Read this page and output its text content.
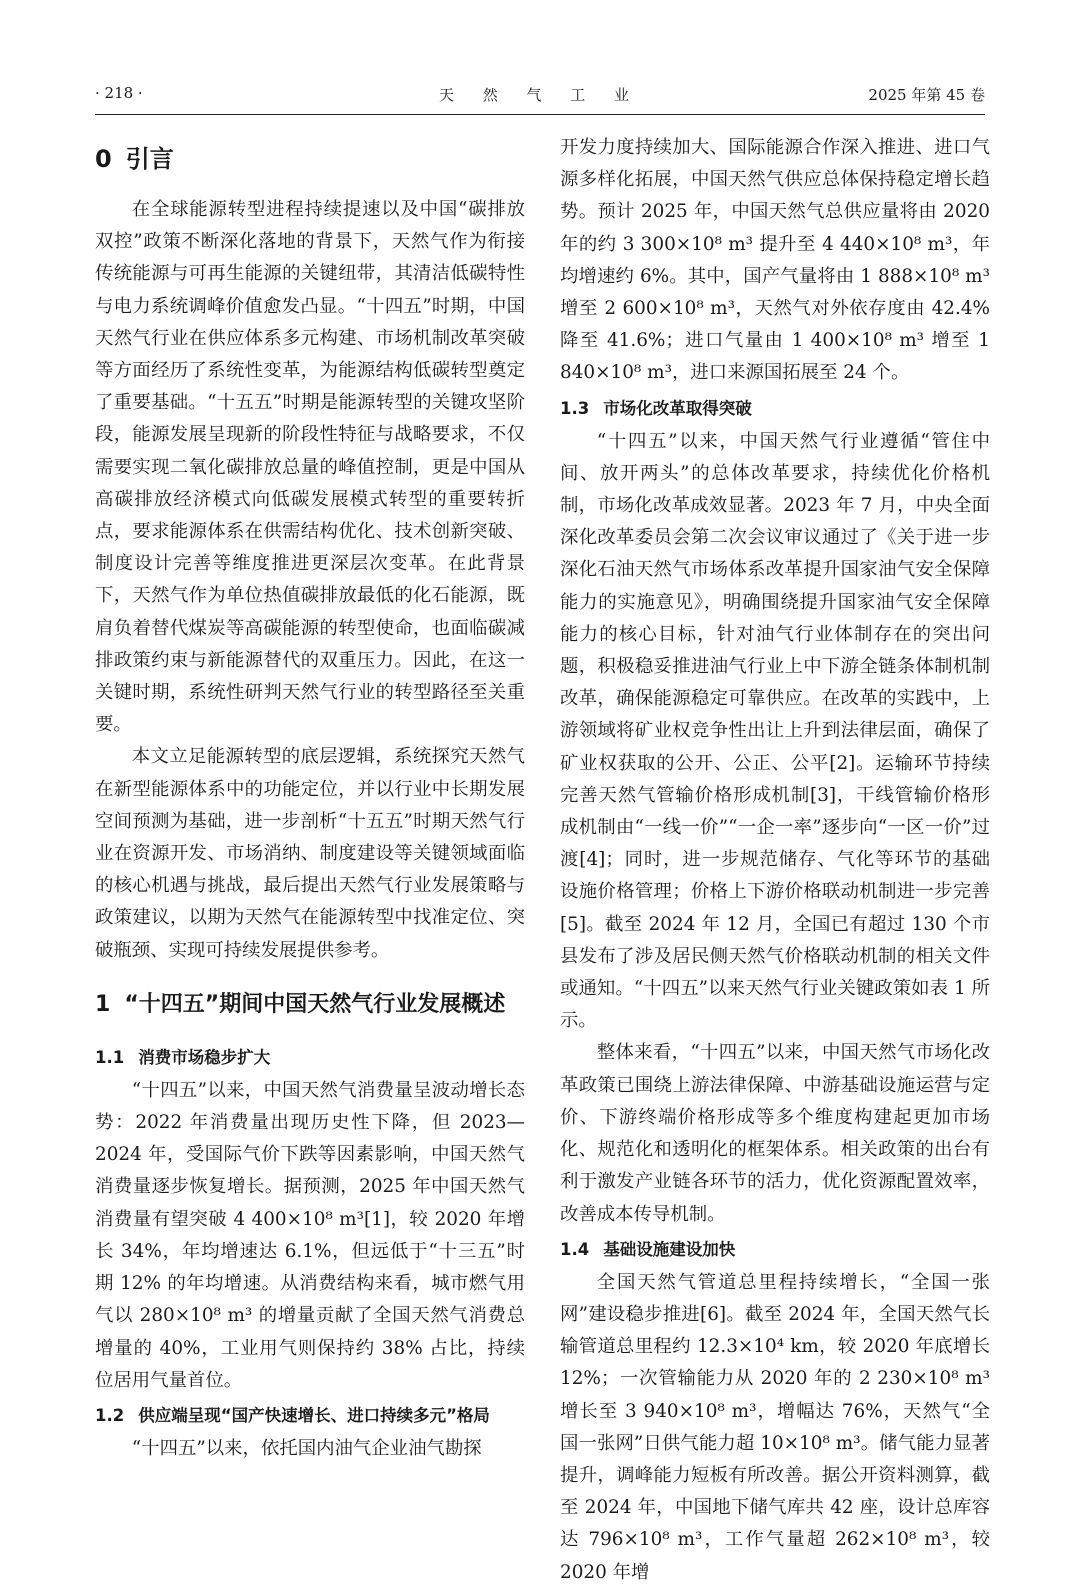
· 218 ·	天 然 气 工 业	2025 年第 45 卷
0 引言

在全球能源转型进程持续提速以及中国“碳排放双控”政策不断深化落地的背景下，天然气作为衔接传统能源与可再生能源的关键纽带，其清洁低碳特性与电力系统调峰价值愈发凸显。“十四五”时期，中国天然气行业在供应体系多元构建、市场机制改革突破等方面经历了系统性变革，为能源结构低碳转型奠定了重要基础。“十五五”时期是能源转型的关键攻坚阶段，能源发展呈现新的阶段性特征与战略要求，不仅需要实现二氧化碳排放总量的峰值控制，更是中国从高碳排放经济模式向低碳发展模式转型的重要转折点，要求能源体系在供需结构优化、技术创新突破、制度设计完善等维度推进更深层次变革。在此背景下，天然气作为单位热值碳排放最低的化石能源，既肩负着替代煤炭等高碳能源的转型使命，也面临碳减排政策约束与新能源替代的双重压力。因此，在这一关键时期，系统性研判天然气行业的转型路径至关重要。

本文立足能源转型的底层逻辑，系统探究天然气在新型能源体系中的功能定位，并以行业中长期发展空间预测为基础，进一步剖析“十五五”时期天然气行业在资源开发、市场消纳、制度建设等关键领域面临的核心机遇与挑战，最后提出天然气行业发展策略与政策建议，以期为天然气在能源转型中找准定位、突破瓶颈、实现可持续发展提供参考。

1 “十四五”期间中国天然气行业发展概述
1.1 消费市场稳步扩大

“十四五”以来，中国天然气消费量呈波动增长态势：2022 年消费量出现历史性下降，但 2023—2024 年，受国际气价下跌等因素影响，中国天然气消费量逐步恢复增长。据预测，2025 年中国天然气消费量有望突破 4 400×10⁸ m³[1]，较 2020 年增长 34%，年均增速达 6.1%，但远低于“十三五”时期 12% 的年均增速。从消费结构来看，城市燃气用气以 280×10⁸ m³ 的增量贡献了全国天然气消费总增量的 40%，工业用气则保持约 38% 占比，持续位居用气量首位。

1.2 供应端呈现“国产快速增长、进口持续多元”格局

“十四五”以来，依托国内油气企业油气勘探

开发力度持续加大、国际能源合作深入推进、进口气源多样化拓展，中国天然气供应总体保持稳定增长趋势。预计 2025 年，中国天然气总供应量将由 2020 年的约 3 300×10⁸ m³ 提升至 4 440×10⁸ m³，年均增速约 6%。其中，国产气量将由 1 888×10⁸ m³ 增至 2 600×10⁸ m³，天然气对外依存度由 42.4% 降至 41.6%；进口气量由 1 400×10⁸ m³ 增至 1 840×10⁸ m³，进口来源国拓展至 24 个。

1.3 市场化改革取得突破

“十四五”以来，中国天然气行业遵循“管住中间、放开两头”的总体改革要求，持续优化价格机制，市场化改革成效显著。2023 年 7 月，中央全面深化改革委员会第二次会议审议通过了《关于进一步深化石油天然气市场体系改革提升国家油气安全保障能力的实施意见》，明确围绕提升国家油气安全保障能力的核心目标，针对油气行业体制存在的突出问题，积极稳妥推进油气行业上中下游全链条体制机制改革，确保能源稳定可靠供应。在改革的实践中，上游领域将矿业权竞争性出让上升到法律层面，确保了矿业权获取的公开、公正、公平[2]。运输环节持续完善天然气管输价格形成机制[3]，干线管输价格形成机制由“一线一价”“一企一率”逐步向“一区一价”过渡[4]；同时，进一步规范储存、气化等环节的基础设施价格管理；价格上下游价格联动机制进一步完善[5]。截至 2024 年 12 月，全国已有超过 130 个市县发布了涉及居民侧天然气价格联动机制的相关文件或通知。“十四五”以来天然气行业关键政策如表 1 所示。

整体来看，“十四五”以来，中国天然气市场化改革政策已围绕上游法律保障、中游基础设施运营与定价、下游终端价格形成等多个维度构建起更加市场化、规范化和透明化的框架体系。相关政策的出台有利于激发产业链各环节的活力，优化资源配置效率，改善成本传导机制。

1.4 基础设施建设加快

全国天然气管道总里程持续增长，“全国一张网”建设稳步推进[6]。截至 2024 年，全国天然气长输管道总里程约 12.3×10⁴ km，较 2020 年底增长 12%；一次管输能力从 2020 年的 2 230×10⁸ m³ 增长至 3 940×10⁸ m³，增幅达 76%，天然气“全国一张网”日供气能力超 10×10⁸ m³。储气能力显著提升，调峰能力短板有所改善。据公开资料测算，截至 2024 年，中国地下储气库共 42 座，设计总库容达 796×10⁸ m³，工作气量超 262×10⁸ m³，较 2020 年增
